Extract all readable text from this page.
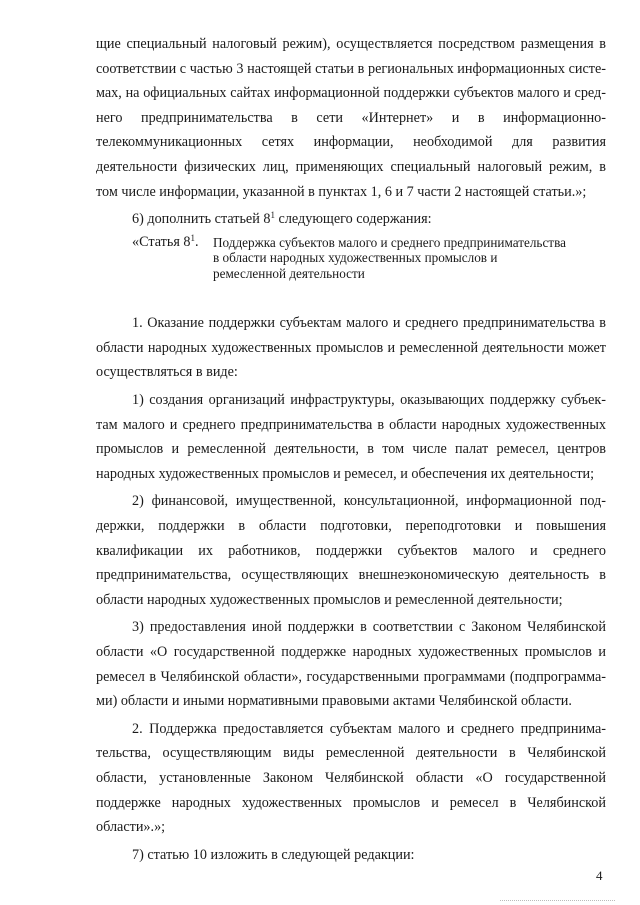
щие специальный налоговый режим), осуществляется посредством размещения в соответствии с частью 3 настоящей статьи в региональных информационных системах, на официальных сайтах информационной поддержки субъектов малого и среднего предпринимательства в сети «Интернет» и в информационно-телекоммуникационных сетях информации, необходимой для развития деятельности физических лиц, применяющих специальный налоговый режим, в том числе информации, указанной в пунктах 1, 6 и 7 части 2 настоящей статьи.»;

6) дополнить статьей $8^1$ следующего содержания:

«Статья $8^1$.	Поддержка субъектов малого и среднего предпринимательства в области народных художественных промыслов и ремесленной деятельности

1. Оказание поддержки субъектам малого и среднего предпринимательства в области народных художественных промыслов и ремесленной деятельности может осуществляться в виде:

1) создания организаций инфраструктуры, оказывающих поддержку субъектам малого и среднего предпринимательства в области народных художественных промыслов и ремесленной деятельности, в том числе палат ремесел, центров народных художественных промыслов и ремесел, и обеспечения их деятельности;

2) финансовой, имущественной, консультационной, информационной поддержки, поддержки в области подготовки, переподготовки и повышения квалификации их работников, поддержки субъектов малого и среднего предпринимательства, осуществляющих внешнеэкономическую деятельность в области народных художественных промыслов и ремесленной деятельности;

3) предоставления иной поддержки в соответствии с Законом Челябинской области «О государственной поддержке народных художественных промыслов и ремесел в Челябинской области», государственными программами (подпрограммами) области и иными нормативными правовыми актами Челябинской области.

2. Поддержка предоставляется субъектам малого и среднего предпринимательства, осуществляющим виды ремесленной деятельности в Челябинской области, установленные Законом Челябинской области «О государственной поддержке народных художественных промыслов и ремесел в Челябинской области».»;

7) статью 10 изложить в следующей редакции:

4
